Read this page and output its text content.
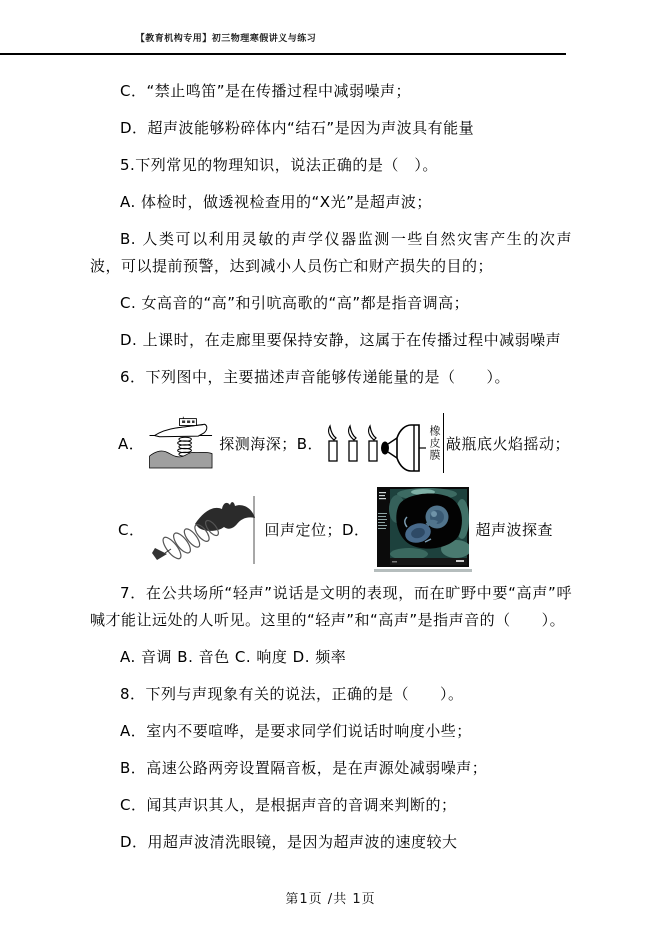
【教育机构专用】初三物理寒假讲义与练习

C．“禁止鸣笛”是在传播过程中减弱噪声；

D．超声波能够粉碎体内“结石”是因为声波具有能量

5.下列常见的物理知识，说法正确的是（　）。

A. 体检时，做透视检查用的“X光”是超声波；

B. 人类可以利用灵敏的声学仪器监测一些自然灾害产生的次声波，可以提前预警，达到减小人员伤亡和财产损失的目的；

C. 女高音的“高”和引吭高歌的“高”都是指音调高；

D. 上课时，在走廊里要保持安静，这属于在传播过程中减弱噪声

6．下列图中，主要描述声音能够传递能量的是（　　）。

A．	探测海深；B．	橡皮膜 敲瓶底火焰摇动；
C．	回声定位；D．	超声波探查

7．在公共场所“轻声”说话是文明的表现，而在旷野中要“高声”呼喊才能让远处的人听见。这里的“轻声”和“高声”是指声音的（　　）。

A. 音调 B. 音色 C. 响度 D. 频率

8．下列与声现象有关的说法，正确的是（　　）。

A．室内不要喧哗，是要求同学们说话时响度小些；

B．高速公路两旁设置隔音板，是在声源处减弱噪声；

C．闻其声识其人，是根据声音的音调来判断的；

D．用超声波清洗眼镜，是因为超声波的速度较大

第1页 /共 1页
